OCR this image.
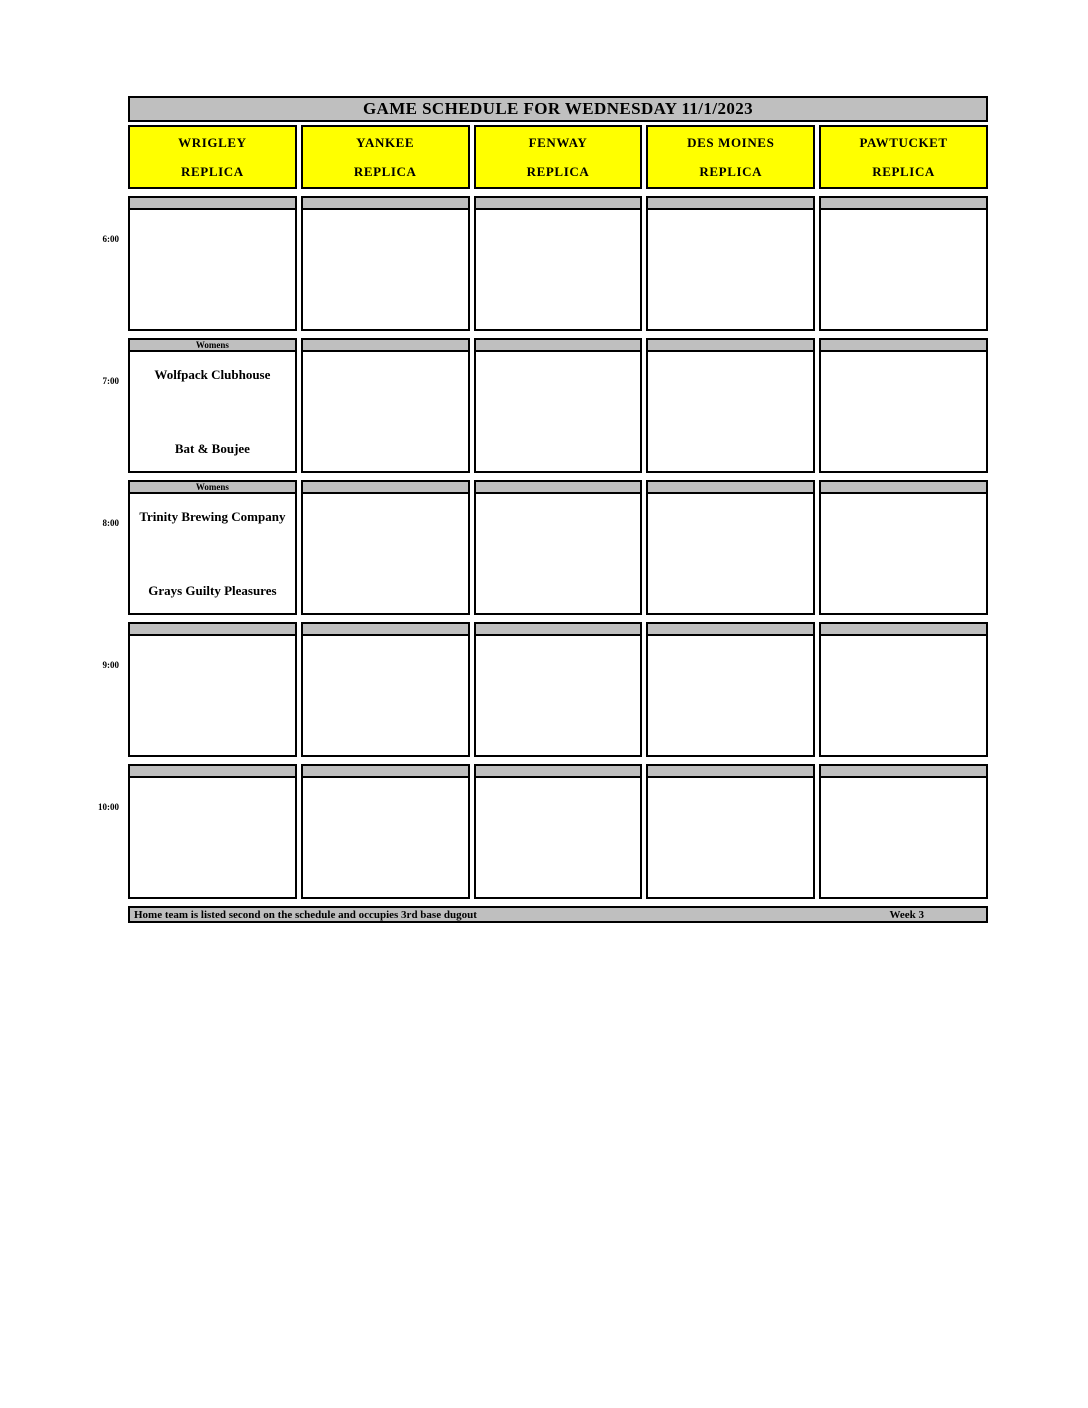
GAME SCHEDULE FOR WEDNESDAY 11/1/2023
WRIGLEY
REPLICA
YANKEE
REPLICA
FENWAY
REPLICA
DES MOINES
REPLICA
PAWTUCKET
REPLICA
6:00
7:00
Womens
Wolfpack Clubhouse
Bat & Boujee
8:00
Womens
Trinity Brewing Company
Grays Guilty Pleasures
9:00
10:00
Home team is listed second on the schedule and occupies 3rd base dugout	Week 3
